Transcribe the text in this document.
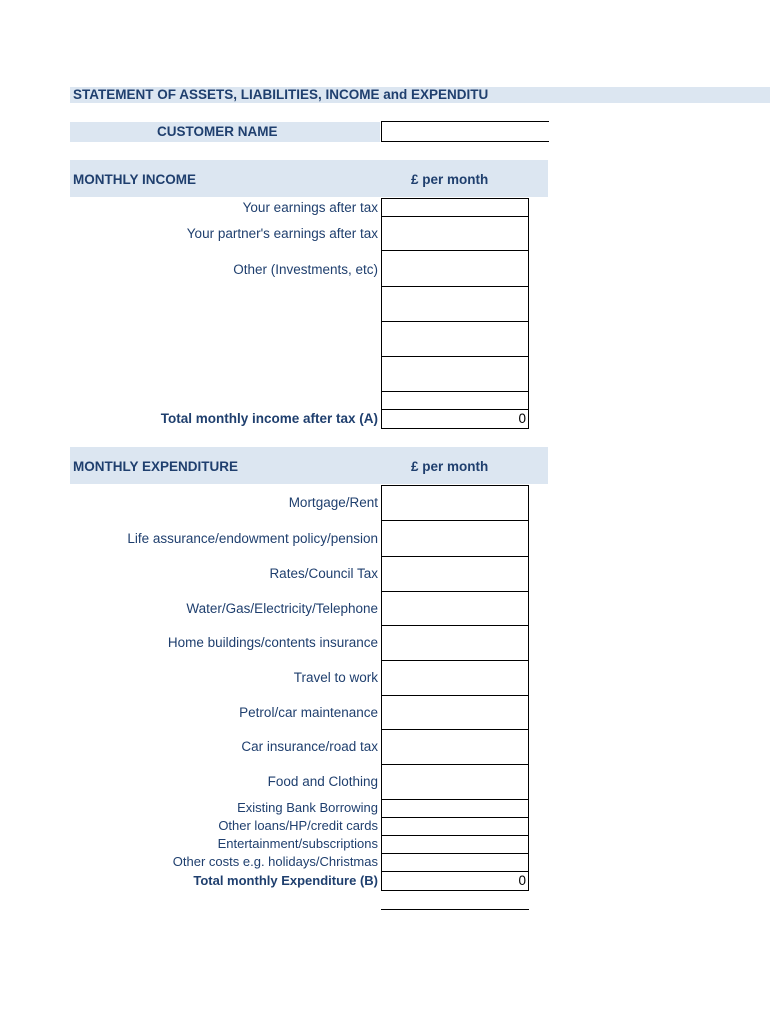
STATEMENT OF ASSETS, LIABILITIES, INCOME and EXPENDITU
CUSTOMER NAME
MONTHLY INCOME	£ per month
Your earnings after tax
Your partner's earnings after tax
Other (Investments, etc)
Total monthly income after tax (A)	0
MONTHLY EXPENDITURE	£ per month
Mortgage/Rent
Life assurance/endowment policy/pension
Rates/Council Tax
Water/Gas/Electricity/Telephone
Home buildings/contents insurance
Travel to work
Petrol/car maintenance
Car insurance/road tax
Food and Clothing
Existing Bank Borrowing
Other loans/HP/credit cards
Entertainment/subscriptions
Other costs e.g. holidays/Christmas
Total monthly Expenditure (B)	0
